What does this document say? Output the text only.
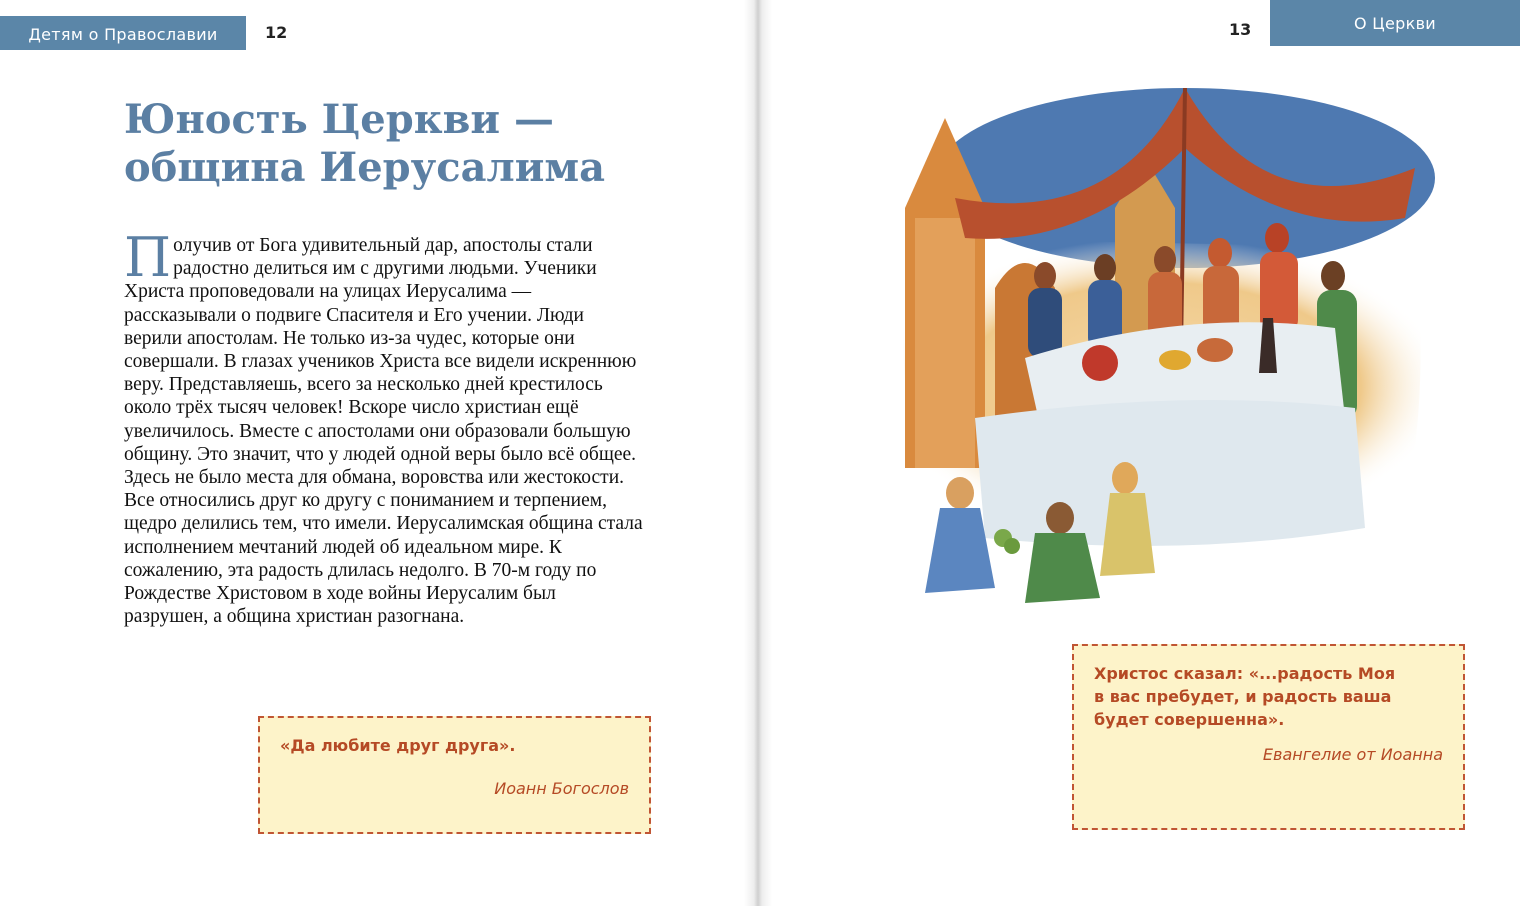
Детям о Православии	12
Юность Церкви —
община Иерусалима
Получив от Бога удивительный дар, апостолы стали радостно делиться им с другими людьми. Ученики Христа проповедовали на улицах Иерусалима — рассказывали о подвиге Спасителя и Его учении. Люди верили апостолам. Не только из-за чудес, которые они совершали. В глазах учеников Христа все видели искреннюю веру. Представляешь, всего за несколько дней крестилось около трёх тысяч человек! Вскоре число христиан ещё увеличилось. Вместе с апостолами они образовали большую общину. Это значит, что у людей одной веры было всё общее. Здесь не было места для обмана, воровства или жестокости. Все относились друг ко другу с пониманием и терпением, щедро делились тем, что имели. Иерусалимская община стала исполнением мечтаний людей об идеальном мире. К сожалению, эта радость длилась недолго. В 70-м году по Рождестве Христовом в ходе войны Иерусалим был разрушен, а община христиан разогнана.

«Да любите друг друга».

Иоанн Богослов
13	О Церкви

Христос сказал: «...радость Моя
в вас пребудет, и радость ваша
будет совершенна».

Евангелие от Иоанна
